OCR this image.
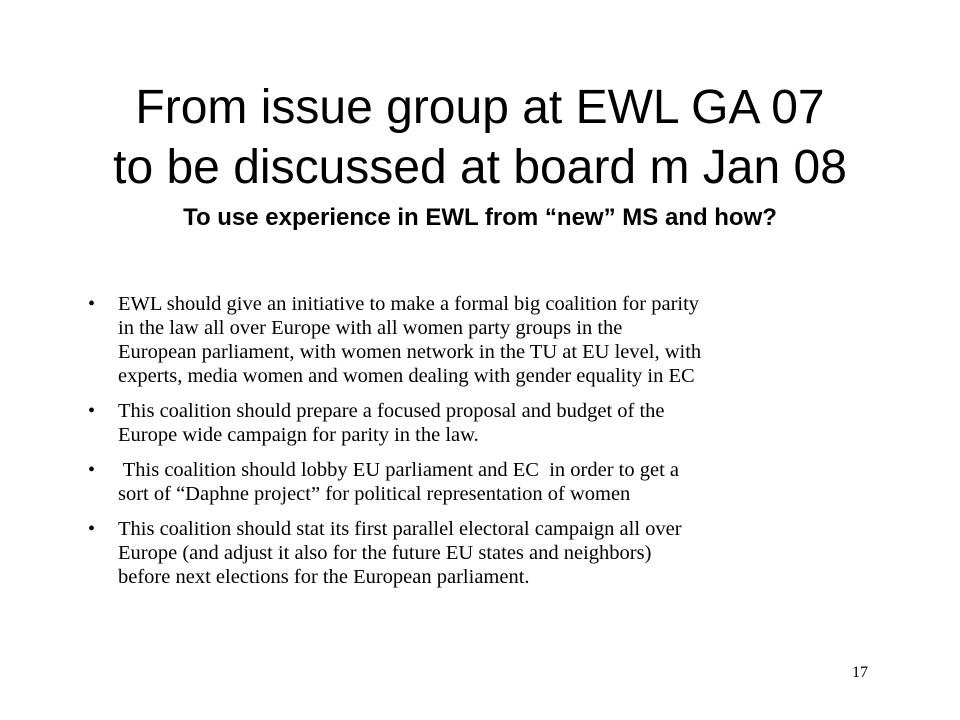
From issue group at EWL GA 07
to be discussed at board m Jan 08
To use experience in EWL from “new” MS and how?
• EWL should give an initiative to make a formal big coalition for parity
in the law all over Europe with all women party groups in the
European parliament, with women network in the TU at EU level, with
experts, media women and women dealing with gender equality in EC
• This coalition should prepare a focused proposal and budget of the
Europe wide campaign for parity in the law.
• This coalition should lobby EU parliament and EC  in order to get a
sort of “Daphne project” for political representation of women
• This coalition should stat its first parallel electoral campaign all over
Europe (and adjust it also for the future EU states and neighbors)
before next elections for the European parliament.
17
